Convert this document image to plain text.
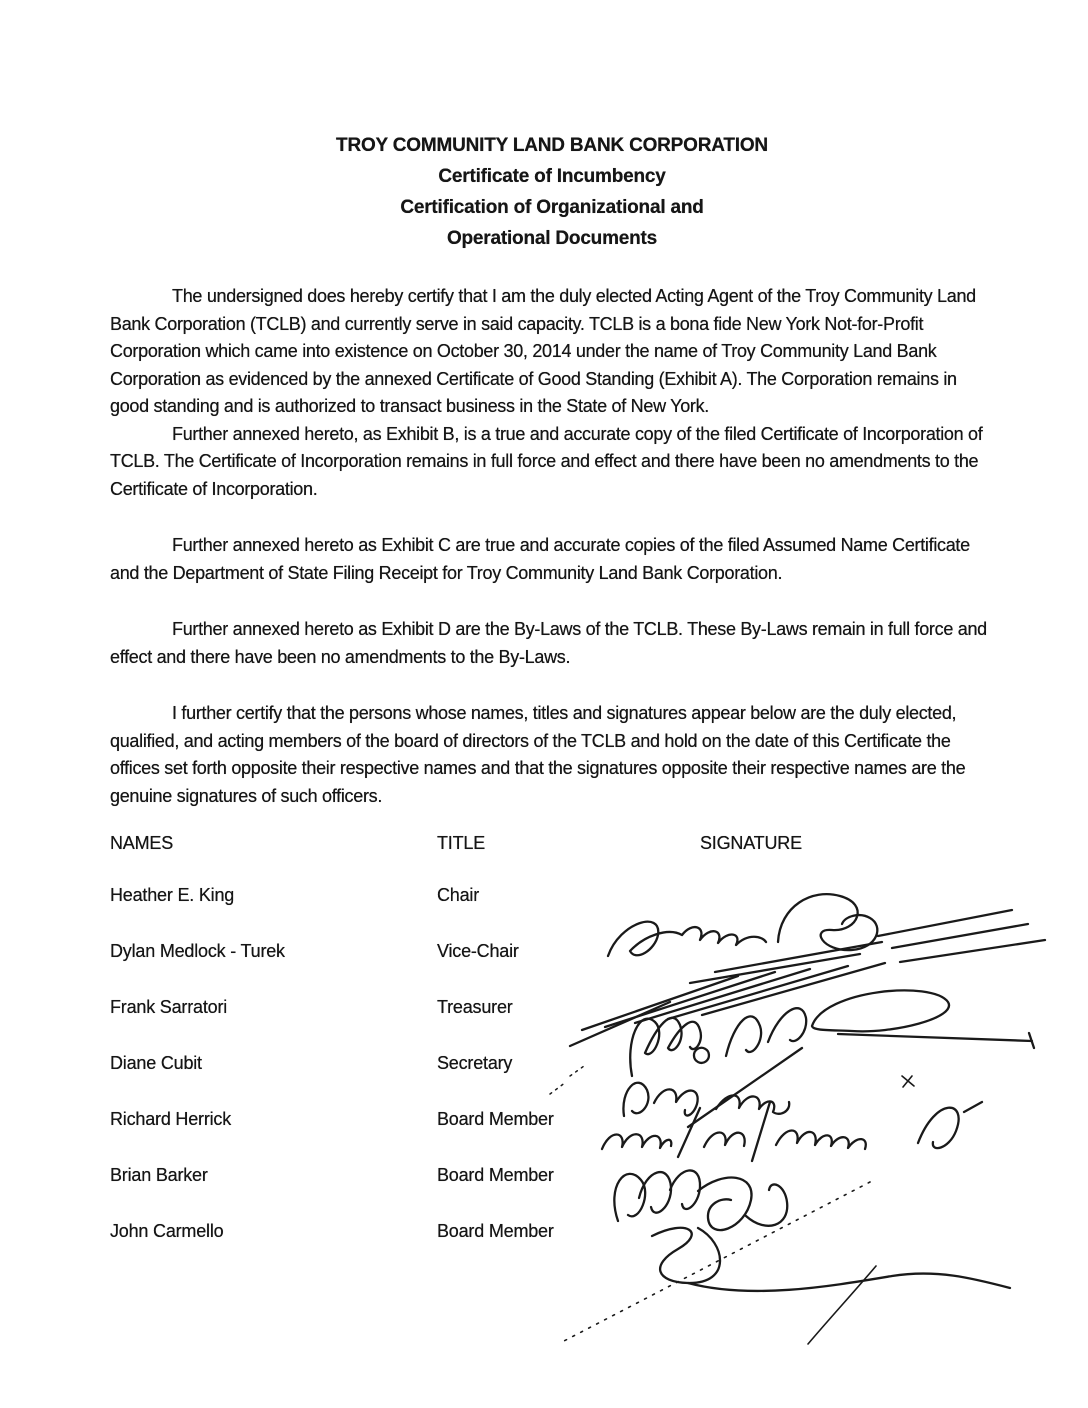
TROY COMMUNITY LAND BANK CORPORATION
Certificate of Incumbency
Certification of Organizational and
Operational Documents

The undersigned does hereby certify that I am the duly elected Acting Agent of the Troy Community Land Bank Corporation (TCLB) and currently serve in said capacity. TCLB is a bona fide New York Not-for-Profit Corporation which came into existence on October 30, 2014 under the name of Troy Community Land Bank Corporation as evidenced by the annexed Certificate of Good Standing (Exhibit A). The Corporation remains in good standing and is authorized to transact business in the State of New York.

Further annexed hereto, as Exhibit B, is a true and accurate copy of the filed Certificate of Incorporation of TCLB. The Certificate of Incorporation remains in full force and effect and there have been no amendments to the Certificate of Incorporation.

Further annexed hereto as Exhibit C are true and accurate copies of the filed Assumed Name Certificate and the Department of State Filing Receipt for Troy Community Land Bank Corporation.

Further annexed hereto as Exhibit D are the By-Laws of the TCLB. These By-Laws remain in full force and effect and there have been no amendments to the By-Laws.

I further certify that the persons whose names, titles and signatures appear below are the duly elected, qualified, and acting members of the board of directors of the TCLB and hold on the date of this Certificate the offices set forth opposite their respective names and that the signatures opposite their respective names are the genuine signatures of such officers.

NAMES	TITLE	SIGNATURE
Heather E. King	Chair
Dylan Medlock - Turek	Vice-Chair
Frank Sarratori	Treasurer
Diane Cubit	Secretary
Richard Herrick	Board Member
Brian Barker	Board Member
John Carmello	Board Member
